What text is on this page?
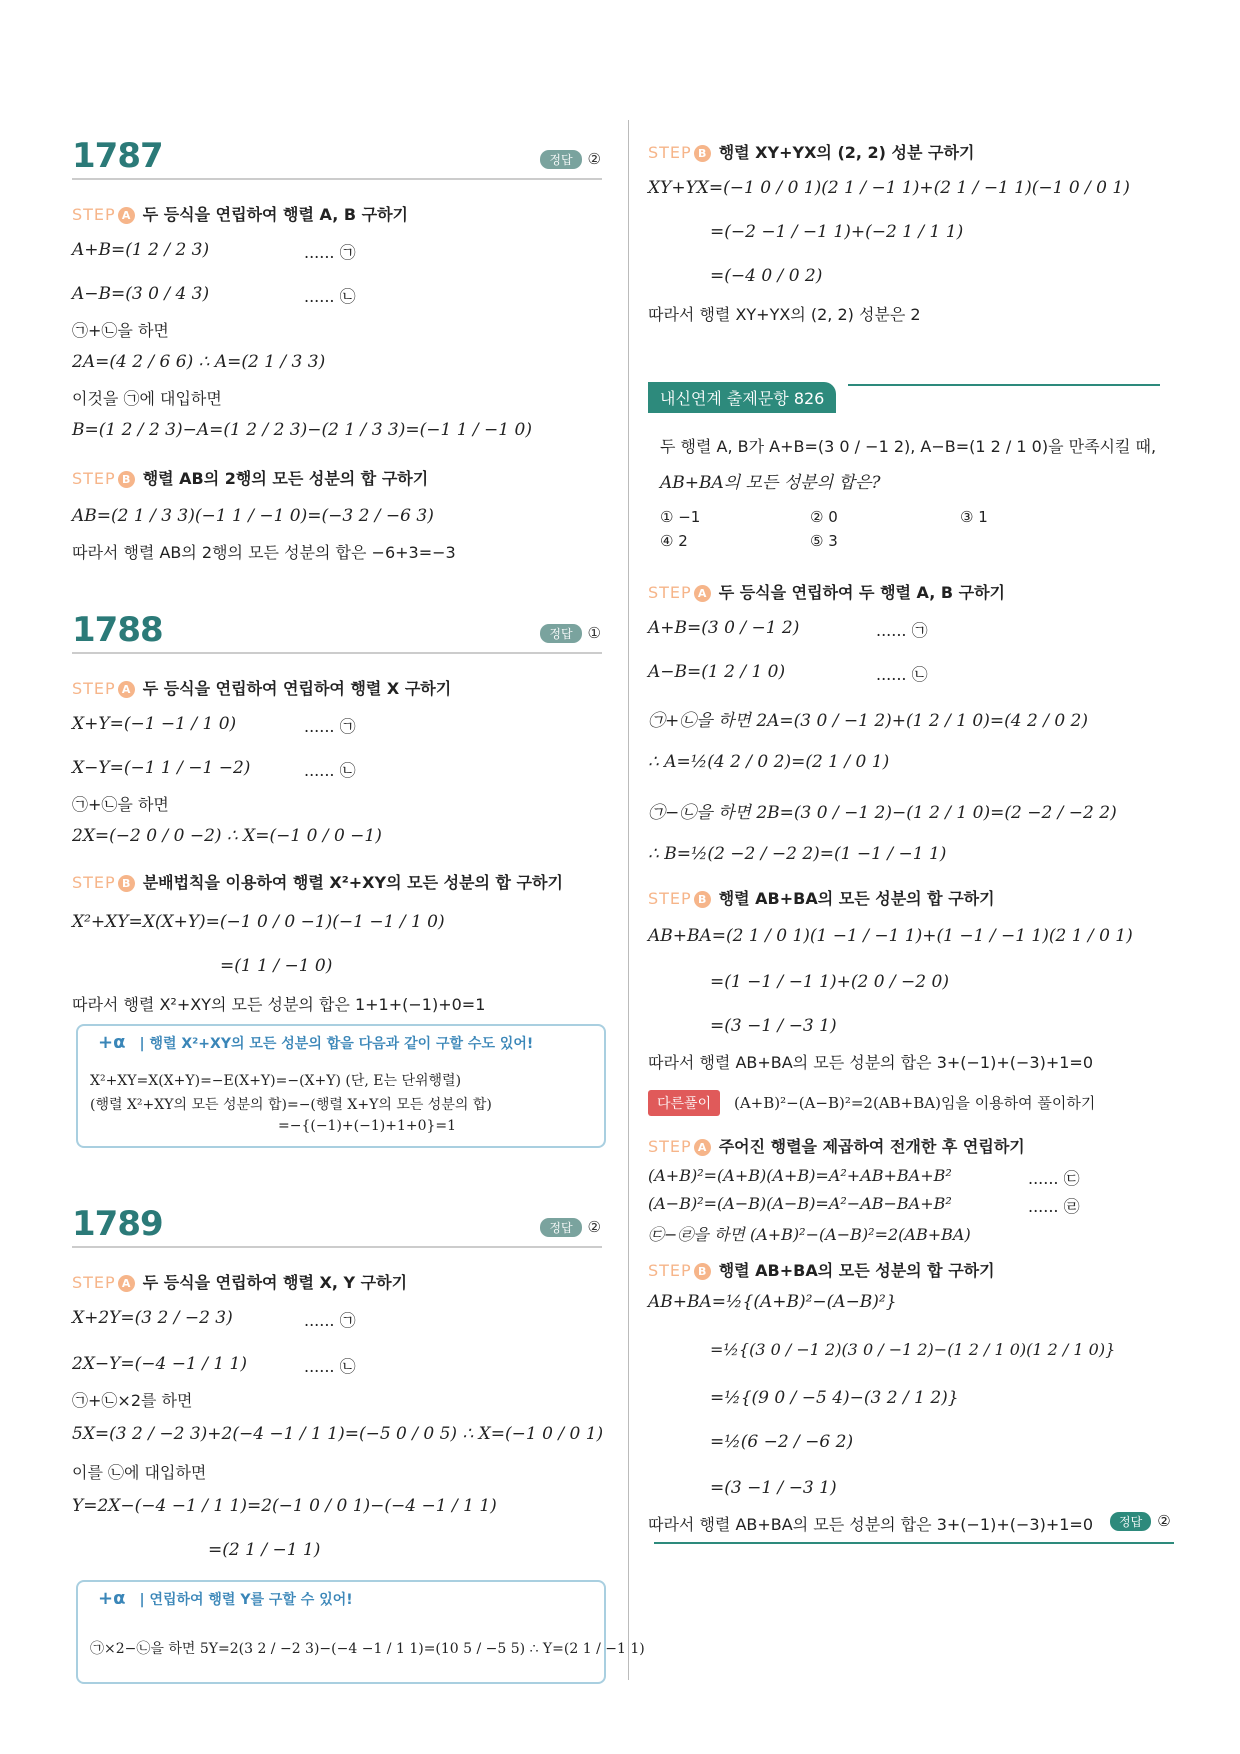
1787	정답 ②
STEP A 두 등식을 연립하여 행렬 A, B 구하기
A+B=(1 2 / 2 3)	...... ㉠
A−B=(3 0 / 4 3)	...... ㉡
㉠+㉡을 하면
2A=(4 2 / 6 6) ∴ A=(2 1 / 3 3)
이것을 ㉠에 대입하면
B=(1 2 / 2 3)−A=(1 2 / 2 3)−(2 1 / 3 3)=(−1 1 / −1 0)
STEP B 행렬 AB의 2행의 모든 성분의 합 구하기
AB=(2 1 / 3 3)(−1 1 / −1 0)=(−3 2 / −6 3)
따라서 행렬 AB의 2행의 모든 성분의 합은 −6+3=−3
1788	정답 ①
STEP A 두 등식을 연립하여 연립하여 행렬 X 구하기
X+Y=(−1 −1 / 1 0)	...... ㉠
X−Y=(−1 1 / −1 −2)	...... ㉡
㉠+㉡을 하면
2X=(−2 0 / 0 −2) ∴ X=(−1 0 / 0 −1)
STEP B 분배법칙을 이용하여 행렬 X²+XY의 모든 성분의 합 구하기
X²+XY=X(X+Y)=(−1 0 / 0 −1)(−1 −1 / 1 0)
=(1 1 / −1 0)
따라서 행렬 X²+XY의 모든 성분의 합은 1+1+(−1)+0=1
+α | 행렬 X²+XY의 모든 성분의 합을 다음과 같이 구할 수도 있어!
X²+XY=X(X+Y)=−E(X+Y)=−(X+Y) (단, E는 단위행렬)
(행렬 X²+XY의 모든 성분의 합)=−(행렬 X+Y의 모든 성분의 합)
=−{(−1)+(−1)+1+0}=1
1789	정답 ②
STEP A 두 등식을 연립하여 행렬 X, Y 구하기
X+2Y=(3 2 / −2 3)	...... ㉠
2X−Y=(−4 −1 / 1 1)	...... ㉡
㉠+㉡×2를 하면
5X=(3 2 / −2 3)+2(−4 −1 / 1 1)=(−5 0 / 0 5) ∴ X=(−1 0 / 0 1)
이를 ㉡에 대입하면
Y=2X−(−4 −1 / 1 1)=2(−1 0 / 0 1)−(−4 −1 / 1 1)
=(2 1 / −1 1)
+α | 연립하여 행렬 Y를 구할 수 있어!
㉠×2−㉡을 하면 5Y=2(3 2 / −2 3)−(−4 −1 / 1 1)=(10 5 / −5 5) ∴ Y=(2 1 / −1 1)
STEP B 행렬 XY+YX의 (2, 2) 성분 구하기
XY+YX=(−1 0 / 0 1)(2 1 / −1 1)+(2 1 / −1 1)(−1 0 / 0 1)
=(−2 −1 / −1 1)+(−2 1 / 1 1)
=(−4 0 / 0 2)
따라서 행렬 XY+YX의 (2, 2) 성분은 2
내신연계 출제문항 826
두 행렬 A, B가 A+B=(3 0 / −1 2), A−B=(1 2 / 1 0)을 만족시킬 때,
AB+BA의 모든 성분의 합은?
① −1	② 0	③ 1
④ 2	⑤ 3
STEP A 두 등식을 연립하여 두 행렬 A, B 구하기
A+B=(3 0 / −1 2)	...... ㉠
A−B=(1 2 / 1 0)	...... ㉡
㉠+㉡을 하면 2A=(3 0 / −1 2)+(1 2 / 1 0)=(4 2 / 0 2)
∴ A=½(4 2 / 0 2)=(2 1 / 0 1)
㉠−㉡을 하면 2B=(3 0 / −1 2)−(1 2 / 1 0)=(2 −2 / −2 2)
∴ B=½(2 −2 / −2 2)=(1 −1 / −1 1)
STEP B 행렬 AB+BA의 모든 성분의 합 구하기
AB+BA=(2 1 / 0 1)(1 −1 / −1 1)+(1 −1 / −1 1)(2 1 / 0 1)
=(1 −1 / −1 1)+(2 0 / −2 0)
=(3 −1 / −3 1)
따라서 행렬 AB+BA의 모든 성분의 합은 3+(−1)+(−3)+1=0
다른풀이	(A+B)²−(A−B)²=2(AB+BA)임을 이용하여 풀이하기
STEP A 주어진 행렬을 제곱하여 전개한 후 연립하기
(A+B)²=(A+B)(A+B)=A²+AB+BA+B²	...... ㉢
(A−B)²=(A−B)(A−B)=A²−AB−BA+B²	...... ㉣
㉢−㉣을 하면 (A+B)²−(A−B)²=2(AB+BA)
STEP B 행렬 AB+BA의 모든 성분의 합 구하기
AB+BA=½{(A+B)²−(A−B)²}
=½{(3 0 / −1 2)(3 0 / −1 2)−(1 2 / 1 0)(1 2 / 1 0)}
=½{(9 0 / −5 4)−(3 2 / 1 2)}
=½(6 −2 / −6 2)
=(3 −1 / −3 1)
따라서 행렬 AB+BA의 모든 성분의 합은 3+(−1)+(−3)+1=0	정답 ②
